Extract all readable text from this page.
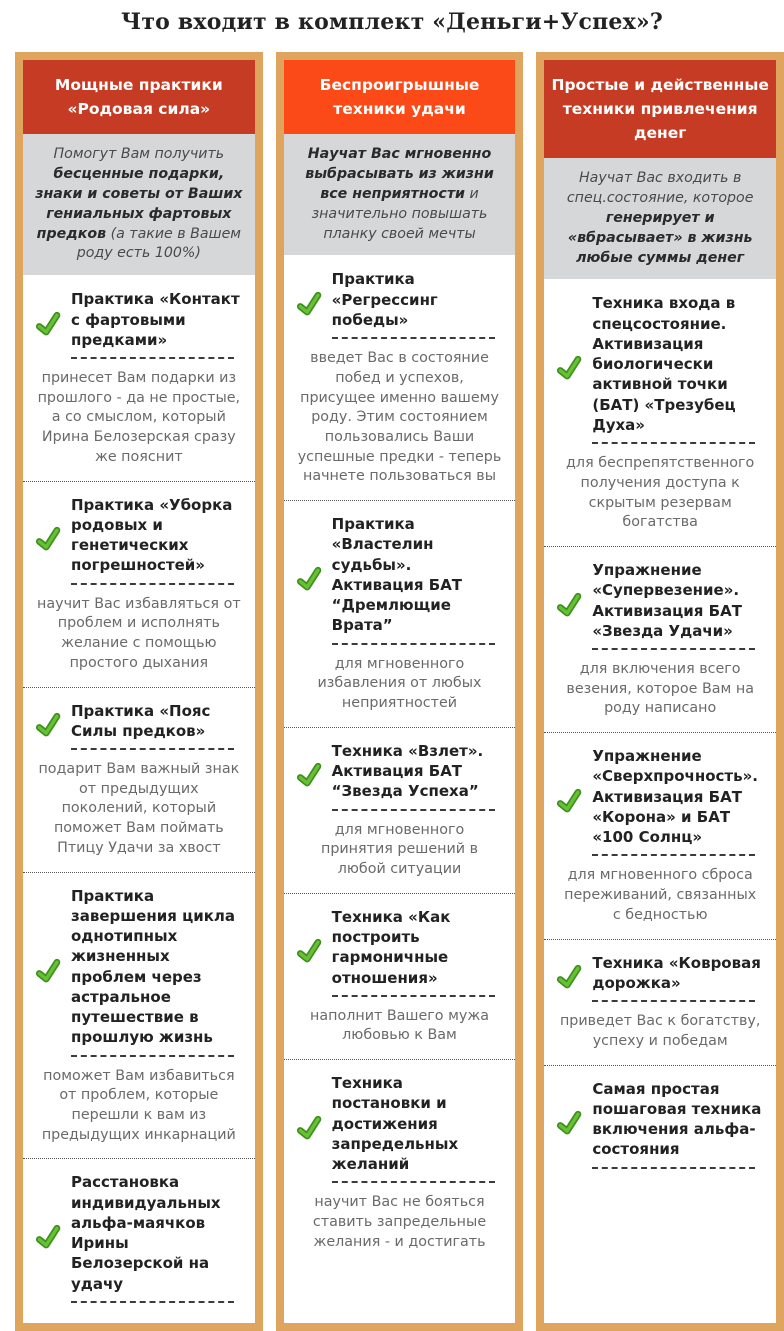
Что входит в комплект «Деньги+Успех»?
Мощные практики «Родовая сила»
Помогут Вам получить бесценные подарки, знаки и советы от Ваших гениальных фартовых предков (а такие в Вашем роду есть 100%)
Практика «Контакт с фартовыми предками»
принесет Вам подарки из прошлого - да не простые, а со смыслом, который Ирина Белозерская сразу же пояснит
Практика «Уборка родовых и генетических погрешностей»
научит Вас избавляться от проблем и исполнять желание с помощью простого дыхания
Практика «Пояс Силы предков»
подарит Вам важный знак от предыдущих поколений, который поможет Вам поймать Птицу Удачи за хвост
Практика завершения цикла однотипных жизненных проблем через астральное путешествие в прошлую жизнь
поможет Вам избавиться от проблем, которые перешли к вам из предыдущих инкарнаций
Расстановка индивидуальных альфа-маячков Ирины Белозерской на удачу
Беспроигрышные техники удачи
Научат Вас мгновенно выбрасывать из жизни все неприятности и значительно повышать планку своей мечты
Практика «Регрессинг победы»
введет Вас в состояние побед и успехов, присущее именно вашему роду. Этим состоянием пользовались Ваши успешные предки - теперь начнете пользоваться вы
Практика «Властелин судьбы». Активация БАТ “Дремлющие Врата”
для мгновенного избавления от любых неприятностей
Техника «Взлет». Активация БАТ “Звезда Успеха”
для мгновенного принятия решений в любой ситуации
Техника «Как построить гармоничные отношения»
наполнит Вашего мужа любовью к Вам
Техника постановки и достижения запредельных желаний
научит Вас не бояться ставить запредельные желания - и достигать
Простые и действенные техники привлечения денег
Научат Вас входить в спец.состояние, которое генерирует и «вбрасывает» в жизнь любые суммы денег
Техника входа в спецсостояние. Активизация биологически активной точки (БАТ) «Трезубец Духа»
для беспрепятственного получения доступа к скрытым резервам богатства
Упражнение «Супервезение». Активизация БАТ «Звезда Удачи»
для включения всего везения, которое Вам на роду написано
Упражнение «Сверхпрочность». Активизация БАТ «Корона» и БАТ «100 Солнц»
для мгновенного сброса переживаний, связанных с бедностью
Техника «Ковровая дорожка»
приведет Вас к богатству, успеху и победам
Самая простая пошаговая техника включения альфа-состояния
